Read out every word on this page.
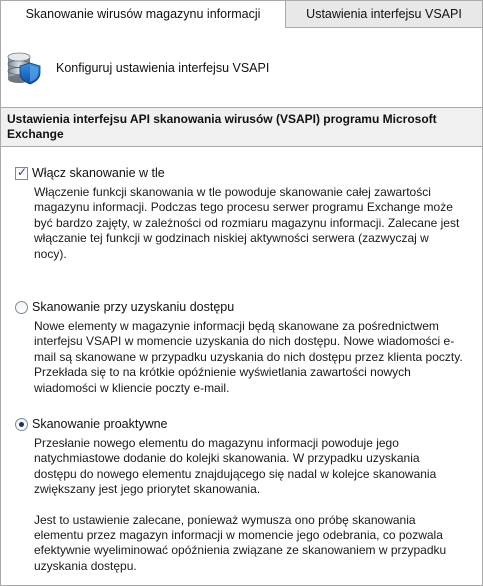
Skanowanie wirusów magazynu informacji	Ustawienia interfejsu VSAPI
Konfiguruj ustawienia interfejsu VSAPI
Ustawienia interfejsu API skanowania wirusów (VSAPI) programu Microsoft Exchange
✓ Włącz skanowanie w tle
Włączenie funkcji skanowania w tle powoduje skanowanie całej zawartości magazynu informacji. Podczas tego procesu serwer programu Exchange może być bardzo zajęty, w zależności od rozmiaru magazynu informacji. Zalecane jest włączanie tej funkcji w godzinach niskiej aktywności serwera (zazwyczaj w nocy).
Skanowanie przy uzyskaniu dostępu
Nowe elementy w magazynie informacji będą skanowane za pośrednictwem interfejsu VSAPI w momencie uzyskania do nich dostępu. Nowe wiadomości e-mail są skanowane w przypadku uzyskania do nich dostępu przez klienta poczty. Przekłada się to na krótkie opóźnienie wyświetlania zawartości nowych wiadomości w kliencie poczty e-mail.
Skanowanie proaktywne
Przesłanie nowego elementu do magazynu informacji powoduje jego natychmiastowe dodanie do kolejki skanowania. W przypadku uzyskania dostępu do nowego elementu znajdującego się nadal w kolejce skanowania zwiększany jest jego priorytet skanowania.
Jest to ustawienie zalecane, ponieważ wymusza ono próbę skanowania elementu przez magazyn informacji w momencie jego odebrania, co pozwala efektywnie wyeliminować opóźnienia związane ze skanowaniem w przypadku uzyskania dostępu.
